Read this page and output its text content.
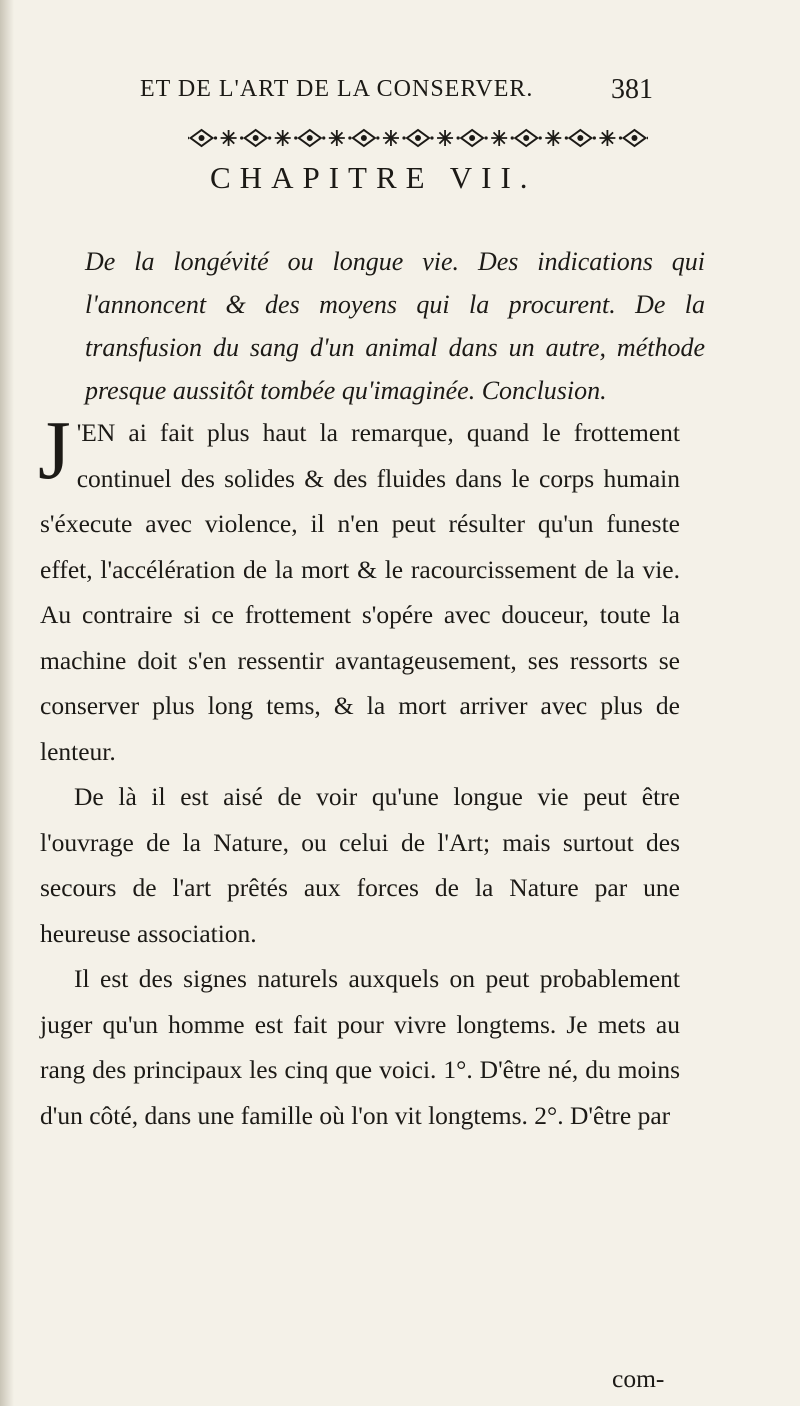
ET DE L'ART DE LA CONSERVER.	381
CHAPITRE VII.
De la longévité ou longue vie. Des indications qui l'annoncent & des moyens qui la procurent. De la transfusion du sang d'un animal dans un autre, méthode presque aussitôt tombée qu'imaginée. Conclusion.

J 'EN ai fait plus haut la remarque, quand le frottement continuel des solides & des fluides dans le corps humain s'éxecute avec violence, il n'en peut résulter qu'un funeste effet, l'accélération de la mort & le racourcissement de la vie. Au contraire si ce frottement s'opére avec douceur, toute la machine doit s'en ressentir avantageusement, ses ressorts se conserver plus long tems, & la mort arriver avec plus de lenteur.

De là il est aisé de voir qu'une longue vie peut être l'ouvrage de la Nature, ou celui de l'Art; mais surtout des secours de l'art prêtés aux forces de la Nature par une heureuse association.

Il est des signes naturels auxquels on peut probablement juger qu'un homme est fait pour vivre longtems. Je mets au rang des principaux les cinq que voici. 1°. D'être né, du moins d'un côté, dans une famille où l'on vit longtems. 2°. D'être par

com-
